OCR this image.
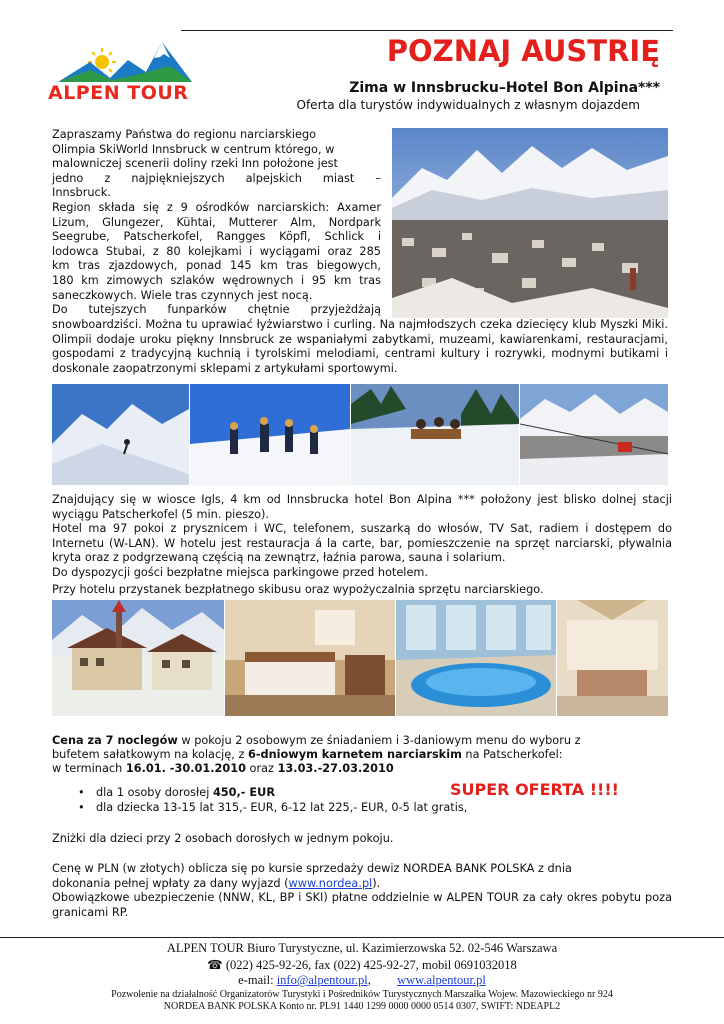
ALPEN TOUR
POZNAJ AUSTRIĘ
Zima w Innsbrucku–Hotel Bon Alpina***
Oferta dla turystów indywidualnych z własnym dojazdem
Zapraszamy Państwa do regionu narciarskiego
Olimpia SkiWorld Innsbruck w centrum którego, w
malowniczej scenerii doliny rzeki Inn położone jest
jedno z najpiękniejszych alpejskich miast –
Innsbruck.
Region składa się z 9 ośrodków narciarskich: Axamer
Lizum, Glungezer, Kühtai, Mutterer Alm, Nordpark
Seegrube, Patscherkofel, Rangges Köpfl, Schlick i
lodowca Stubai, z 80 kolejkami i wyciągami oraz 285
km tras zjazdowych, ponad 145 km tras biegowych,
180 km zimowych szlaków wędrownych i 95 km tras
saneczkowych. Wiele tras czynnych jest nocą.
Do tutejszych funparków chętnie przyjeżdżają
snowboardziści. Można tu uprawiać łyżwiarstwo i curling. Na najmłodszych czeka dziecięcy klub Myszki Miki. Olimpii dodaje uroku piękny Innsbruck ze wspaniałymi zabytkami, muzeami, kawiarenkami, restauracjami, gospodami z tradycyjną kuchnią i tyrolskimi melodiami, centrami kultury i rozrywki, modnymi butikami i doskonale zaopatrzonymi sklepami z artykułami sportowymi.
Znajdujący się w wiosce Igls, 4 km od Innsbrucka hotel Bon Alpina *** położony jest blisko dolnej stacji wyciągu Patscherkofel (5 min. pieszo).
Hotel ma 97 pokoi z prysznicem i WC, telefonem, suszarką do włosów, TV Sat, radiem i dostępem do Internetu (W-LAN). W hotelu jest restauracja á la carte, bar, pomieszczenie na sprzęt narciarski, pływalnia kryta oraz z podgrzewaną częścią na zewnątrz, łaźnia parowa, sauna i solarium.
Do dyspozycji gości bezpłatne miejsca parkingowe przed hotelem.
Przy hotelu przystanek bezpłatnego skibusu oraz wypożyczalnia sprzętu narciarskiego.
Cena za 7 noclegów w pokoju 2 osobowym ze śniadaniem i 3-daniowym menu do wyboru z
bufetem sałatkowym na kolację, z 6-dniowym karnetem narciarskim na Patscherkofel:
w terminach 16.01. -30.01.2010 oraz 13.03.-27.03.2010
SUPER OFERTA !!!!
• dla 1 osoby dorosłej 450,- EUR
• dla dziecka 13-15 lat 315,- EUR, 6-12 lat 225,- EUR, 0-5 lat gratis,
Zniżki dla dzieci przy 2 osobach dorosłych w jednym pokoju.
Cenę w PLN (w złotych) oblicza się po kursie sprzedaży dewiz NORDEA BANK POLSKA z dnia dokonania pełnej wpłaty za dany wyjazd (www.nordea.pl).
Obowiązkowe ubezpieczenie (NNW, KL, BP i SKI) płatne oddzielnie w ALPEN TOUR za cały okres pobytu poza granicami RP.
ALPEN TOUR Biuro Turystyczne, ul. Kazimierzowska 52. 02-546 Warszawa
☎ (022) 425-92-26, fax (022) 425-92-27, mobil 0691032018
e-mail: info@alpentour.pl, www.alpentour.pl
Pozwolenie na działalność Organizatorów Turystyki i Pośredników Turystycznych Marszałka Wojew. Mazowieckiego nr 924
NORDEA BANK POLSKA Konto nr. PL91 1440 1299 0000 0000 0514 0307, SWIFT: NDEAPL2
